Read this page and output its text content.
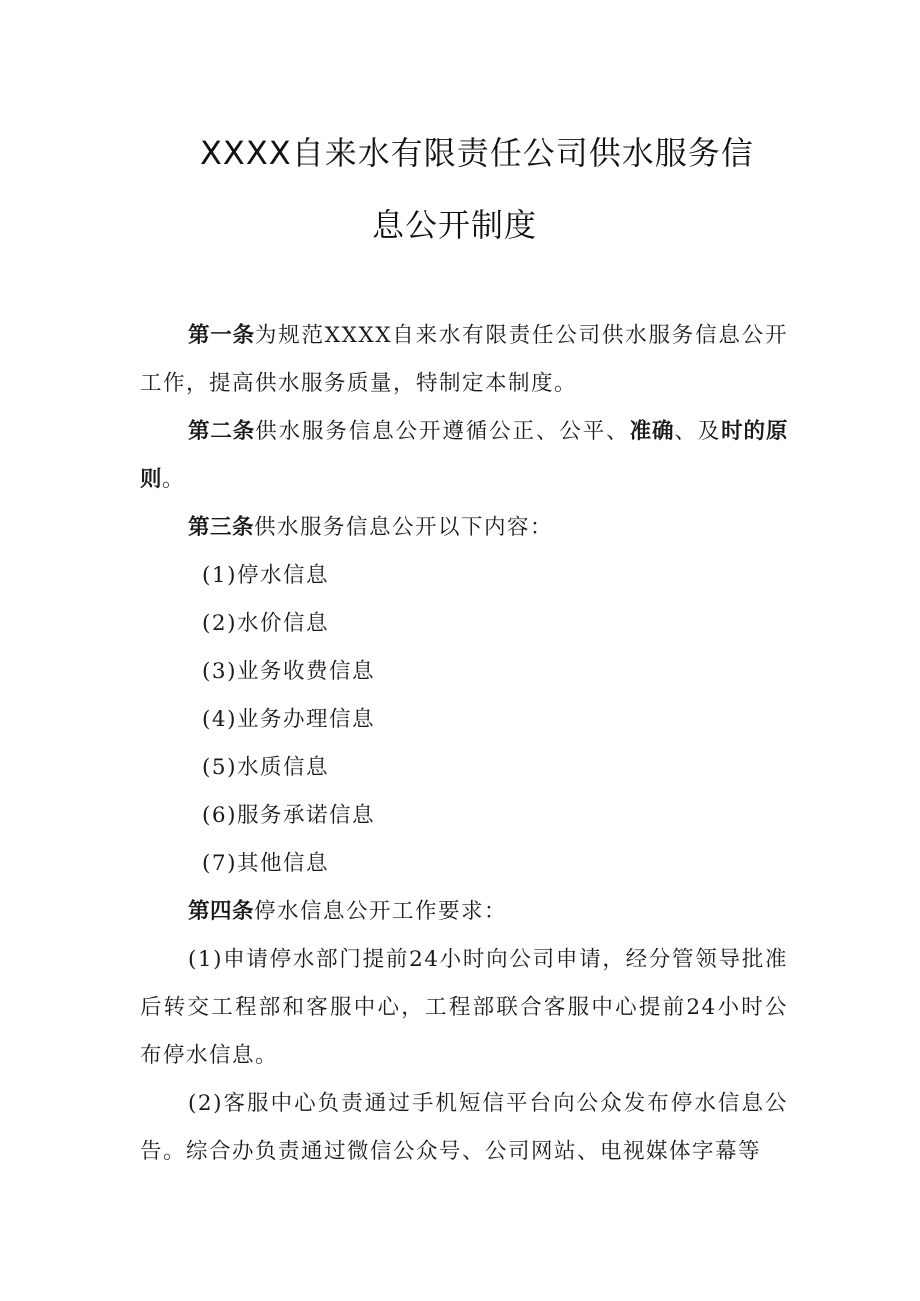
XXXX自来水有限责任公司供水服务信
息公开制度

第一条为规范XXXX自来水有限责任公司供水服务信息公开工作，提高供水服务质量，特制定本制度。

第二条供水服务信息公开遵循公正、公平、准确、及时的原则。

第三条供水服务信息公开以下内容：

(1)停水信息

(2)水价信息

(3)业务收费信息

(4)业务办理信息

(5)水质信息

(6)服务承诺信息

(7)其他信息

第四条停水信息公开工作要求：

(1)申请停水部门提前24小时向公司申请，经分管领导批准后转交工程部和客服中心，工程部联合客服中心提前24小时公布停水信息。

(2)客服中心负责通过手机短信平台向公众发布停水信息公告。综合办负责通过微信公众号、公司网站、电视媒体字幕等
